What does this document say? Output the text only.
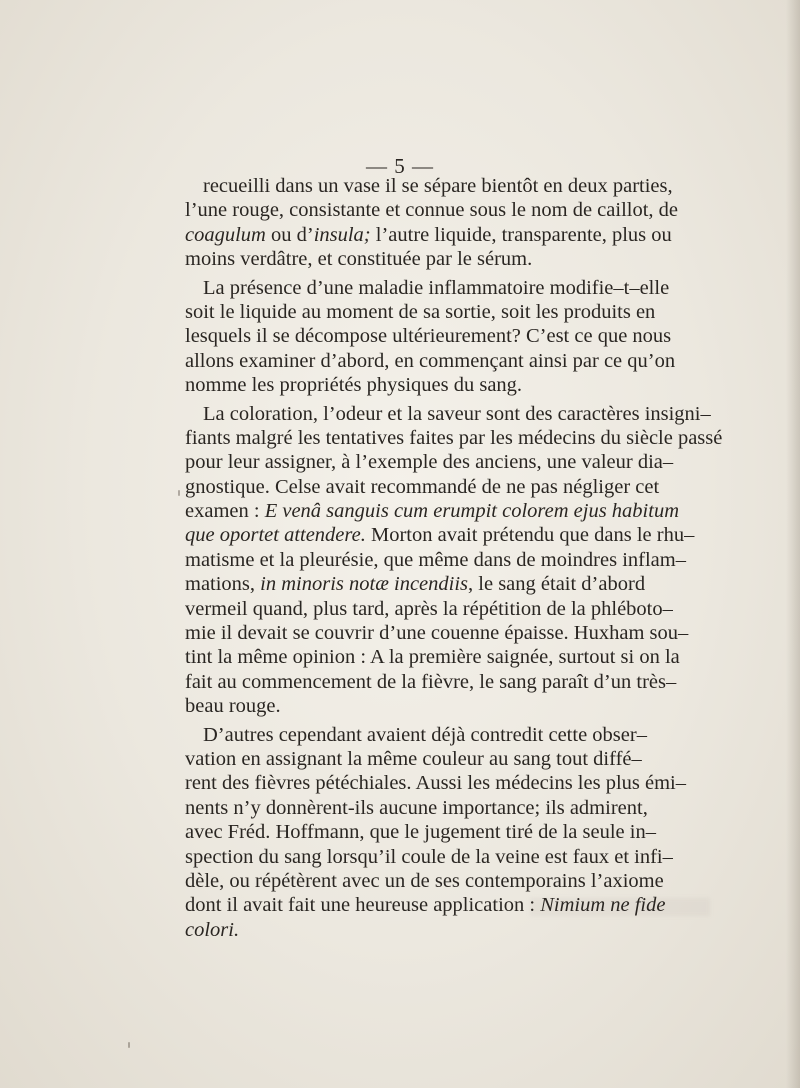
— 5 —
recueilli dans un vase il se sépare bientôt en deux parties,
l’une rouge, consistante et connue sous le nom de caillot, de
coagulum ou d’insula; l’autre liquide, transparente, plus ou
moins verdâtre, et constituée par le sérum.
La présence d’une maladie inflammatoire modifie–t–elle
soit le liquide au moment de sa sortie, soit les produits en
lesquels il se décompose ultérieurement? C’est ce que nous
allons examiner d’abord, en commençant ainsi par ce qu’on
nomme les propriétés physiques du sang.
La coloration, l’odeur et la saveur sont des caractères insigni–
fiants malgré les tentatives faites par les médecins du siècle passé
pour leur assigner, à l’exemple des anciens, une valeur dia–
gnostique. Celse avait recommandé de ne pas négliger cet
examen : E venâ sanguis cum erumpit colorem ejus habitum
que oportet attendere. Morton avait prétendu que dans le rhu–
matisme et la pleurésie, que même dans de moindres inflam–
mations, in minoris notæ incendiis, le sang était d’abord
vermeil quand, plus tard, après la répétition de la phléboto–
mie il devait se couvrir d’une couenne épaisse. Huxham sou–
tint la même opinion : A la première saignée, surtout si on la
fait au commencement de la fièvre, le sang paraît d’un très–
beau rouge.
D’autres cependant avaient déjà contredit cette obser–
vation en assignant la même couleur au sang tout diffé–
rent des fièvres pétéchiales. Aussi les médecins les plus émi–
nents n’y donnèrent-ils aucune importance; ils admirent,
avec Fréd. Hoffmann, que le jugement tiré de la seule in–
spection du sang lorsqu’il coule de la veine est faux et infi–
dèle, ou répétèrent avec un de ses contemporains l’axiome
dont il avait fait une heureuse application : Nimium ne fide
colori.
